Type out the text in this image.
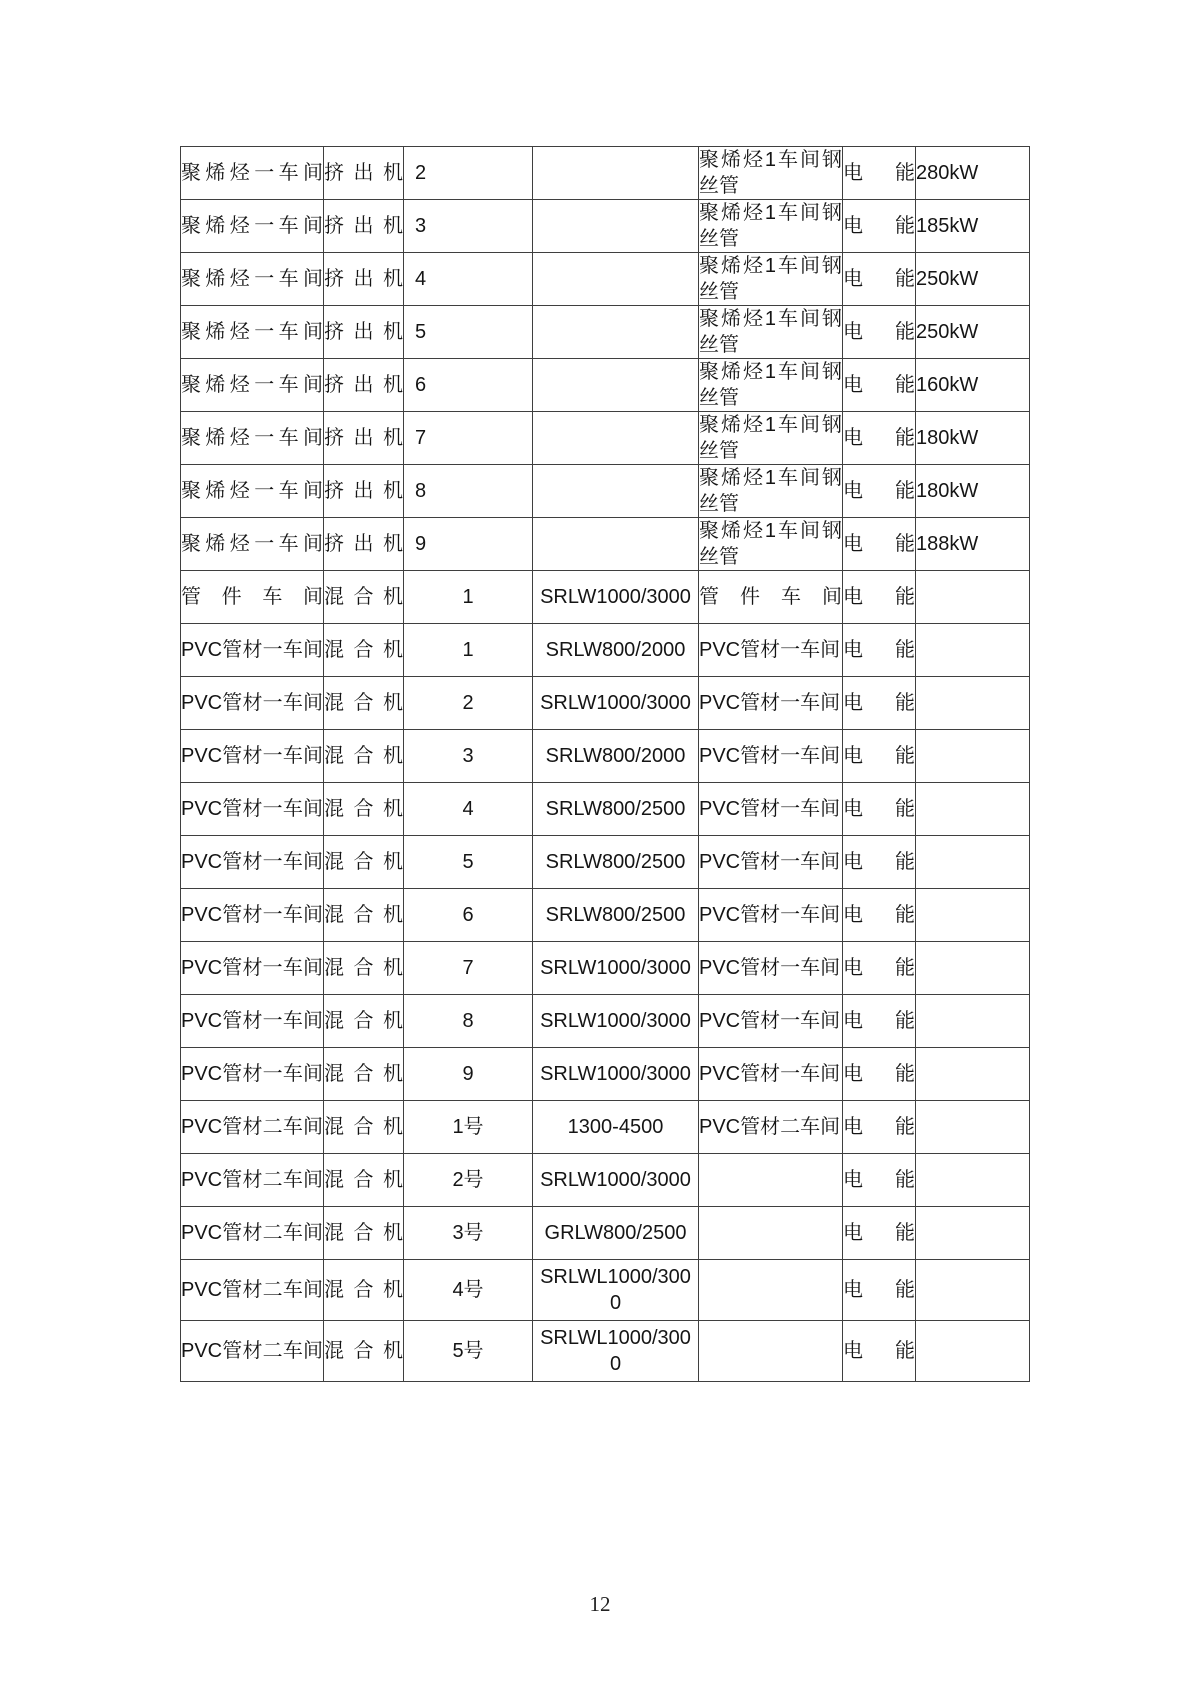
聚烯烃一车间	挤出机	2		聚烯烃1车间钢丝管	电能	280kW
聚烯烃一车间	挤出机	3		聚烯烃1车间钢丝管	电能	185kW
聚烯烃一车间	挤出机	4		聚烯烃1车间钢丝管	电能	250kW
聚烯烃一车间	挤出机	5		聚烯烃1车间钢丝管	电能	250kW
聚烯烃一车间	挤出机	6		聚烯烃1车间钢丝管	电能	160kW
聚烯烃一车间	挤出机	7		聚烯烃1车间钢丝管	电能	180kW
聚烯烃一车间	挤出机	8		聚烯烃1车间钢丝管	电能	180kW
聚烯烃一车间	挤出机	9		聚烯烃1车间钢丝管	电能	188kW
管件车间	混合机	1	SRLW1000/3000	管件车间	电能	
PVC管材一车间	混合机	1	SRLW800/2000	PVC管材一车间	电能	
PVC管材一车间	混合机	2	SRLW1000/3000	PVC管材一车间	电能	
PVC管材一车间	混合机	3	SRLW800/2000	PVC管材一车间	电能	
PVC管材一车间	混合机	4	SRLW800/2500	PVC管材一车间	电能	
PVC管材一车间	混合机	5	SRLW800/2500	PVC管材一车间	电能	
PVC管材一车间	混合机	6	SRLW800/2500	PVC管材一车间	电能	
PVC管材一车间	混合机	7	SRLW1000/3000	PVC管材一车间	电能	
PVC管材一车间	混合机	8	SRLW1000/3000	PVC管材一车间	电能	
PVC管材一车间	混合机	9	SRLW1000/3000	PVC管材一车间	电能	
PVC管材二车间	混合机	1号	1300-4500	PVC管材二车间	电能	
PVC管材二车间	混合机	2号	SRLW1000/3000		电能	
PVC管材二车间	混合机	3号	GRLW800/2500		电能	
PVC管材二车间	混合机	4号	SRLWL1000/3000		电能	
PVC管材二车间	混合机	5号	SRLWL1000/3000		电能	
12
